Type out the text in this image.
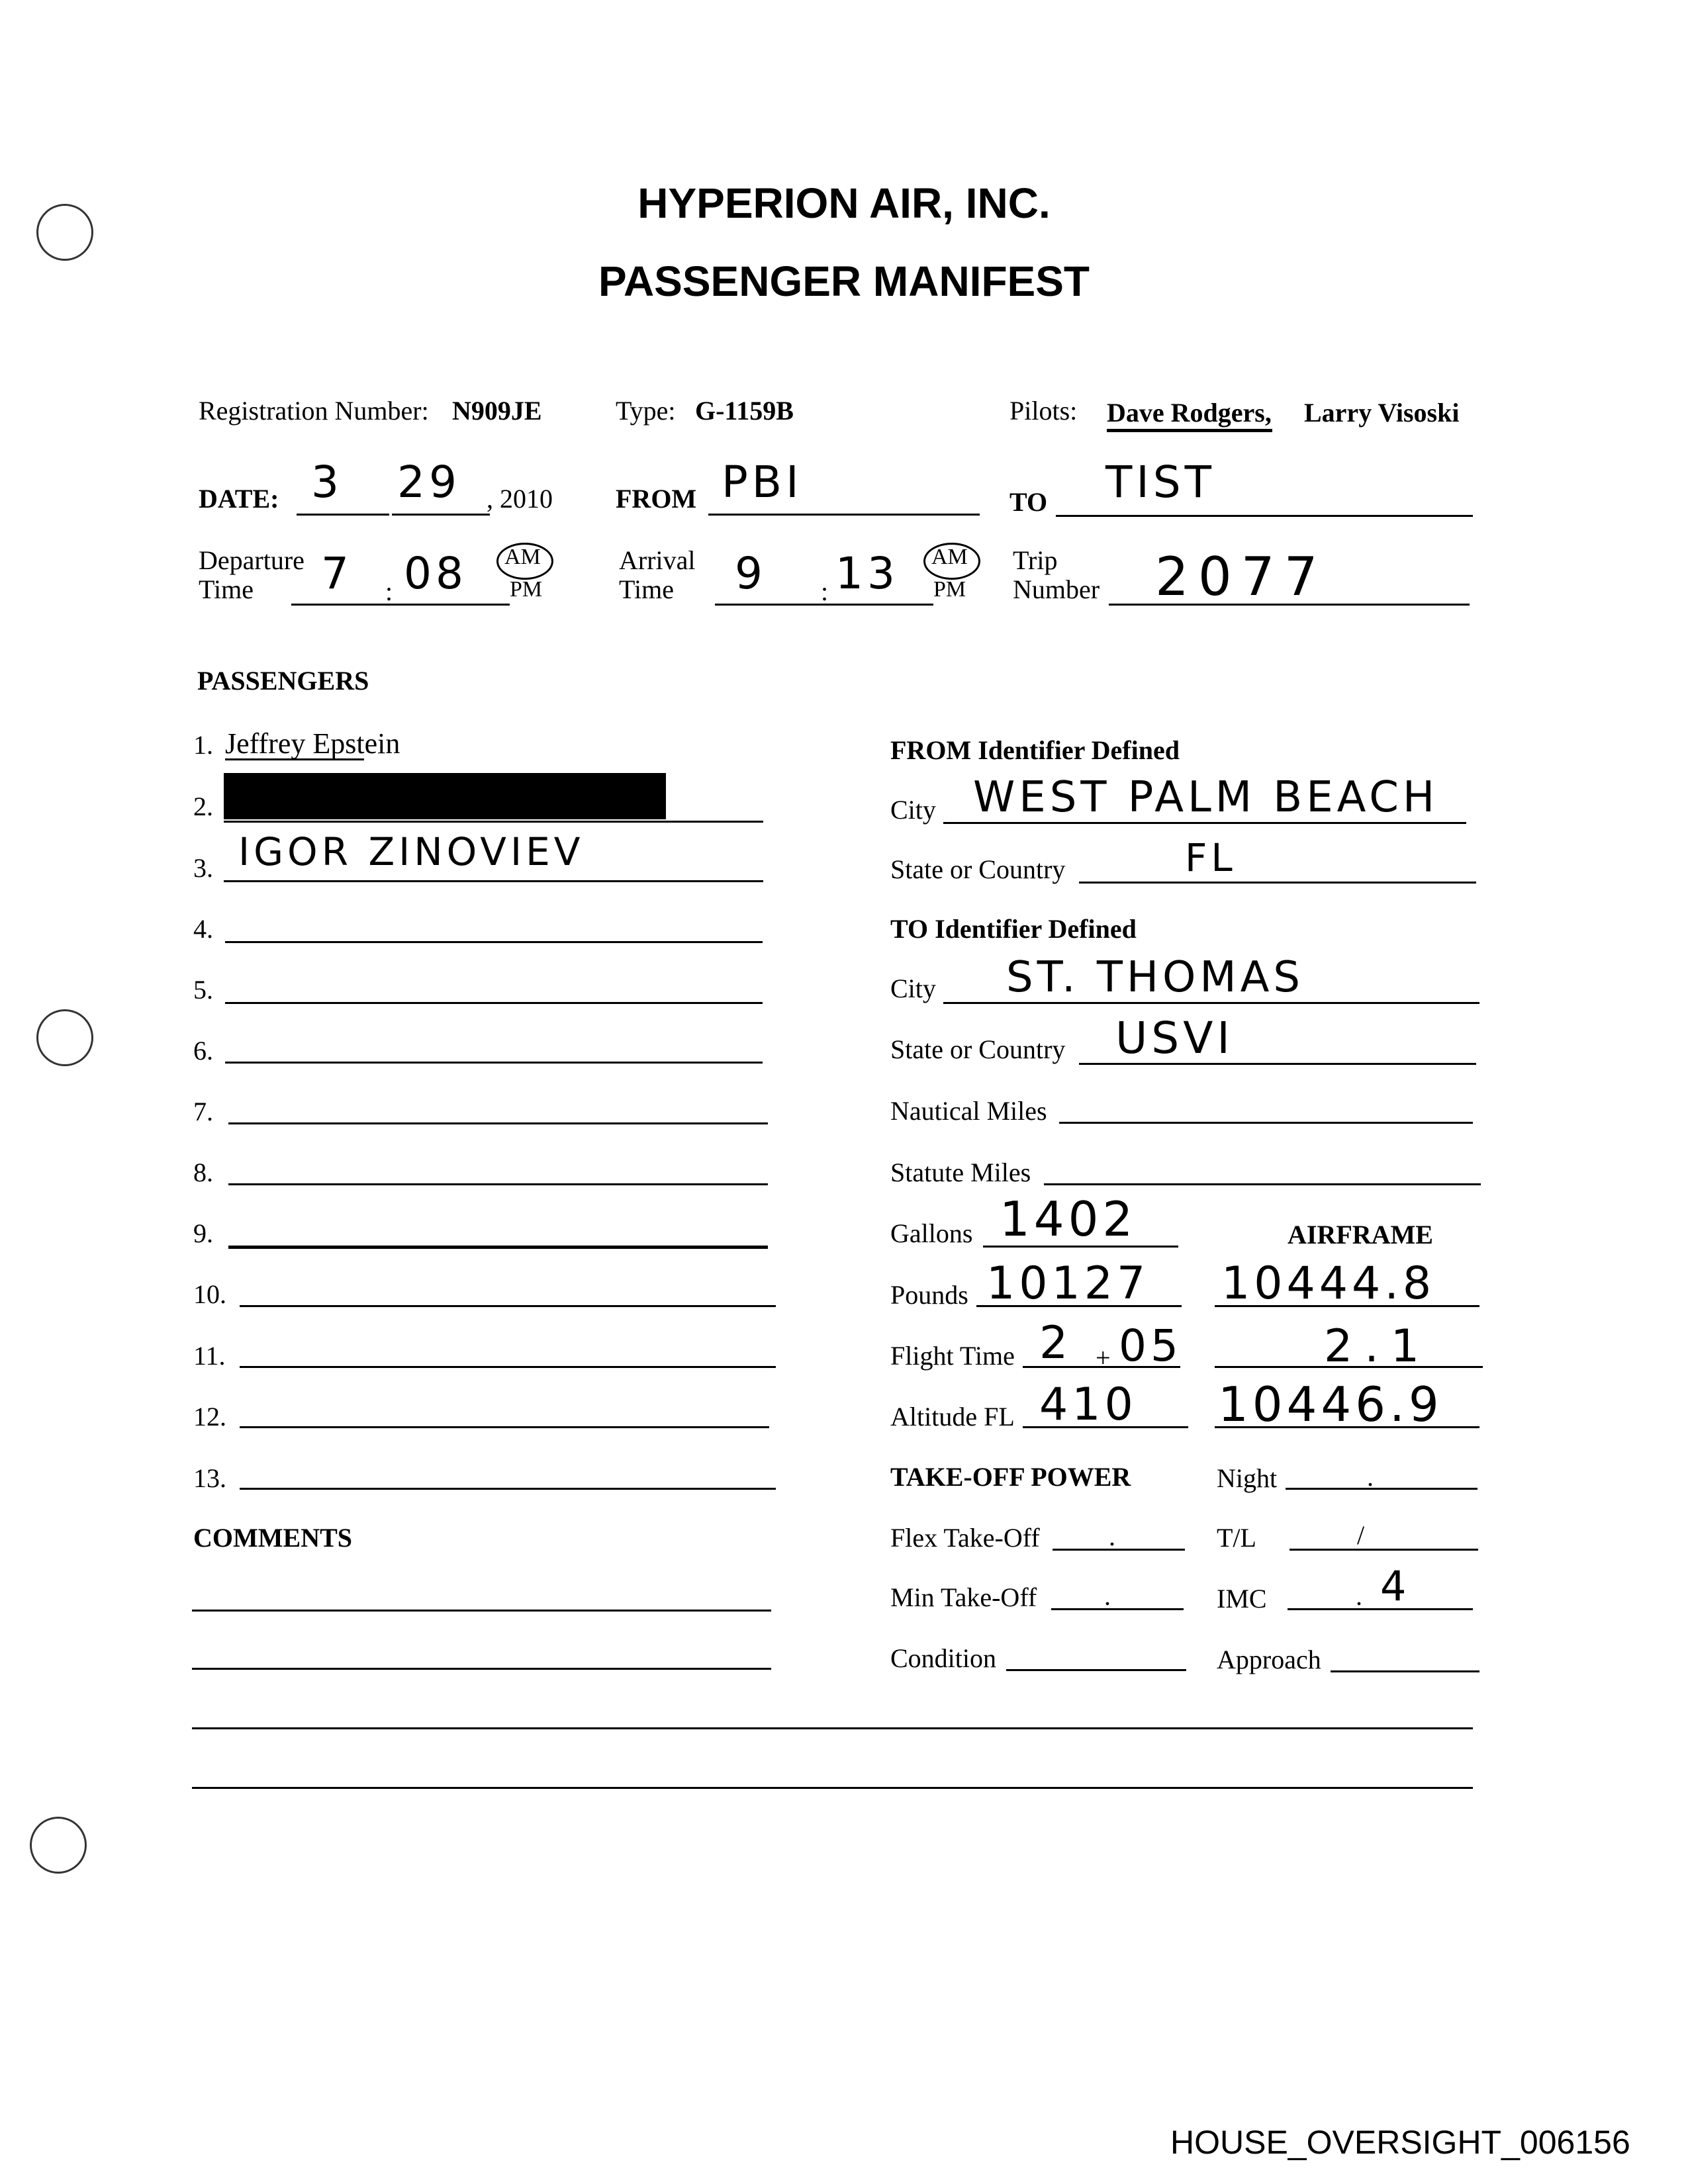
HYPERION AIR, INC.
PASSENGER MANIFEST
Registration Number: N909JE	Type: G-1159B	Pilots: Dave Rodgers, Larry Visoski
DATE: 3 29 , 2010 FROM PBI	TO TIST
Departure
Time	7 : 08 AM
PM
Arrival
Time	9 : 13 AM
PM
Trip
Number 2077
PASSENGERS
1. Jeffrey Epstein
2.
3. IGOR ZINOVIEV
4.
5.
6.
7.
8.
9.
10.
11.
12.
13.
COMMENTS
FROM Identifier Defined
City WEST PALM BEACH
State or Country	FL
TO Identifier Defined
City ST. THOMAS
State or Country USVI
Nautical Miles
Statute Miles
Gallons 1402	AIRFRAME
Pounds 10127 10444.8
Flight Time 2 + 05	2.1
Altitude FL 410 10446.9
TAKE-OFF POWER	Night	.
Flex Take-Off	.	T/L	/
Min Take-Off	.	IMC	. 4
Condition	Approach
HOUSE_OVERSIGHT_006156
